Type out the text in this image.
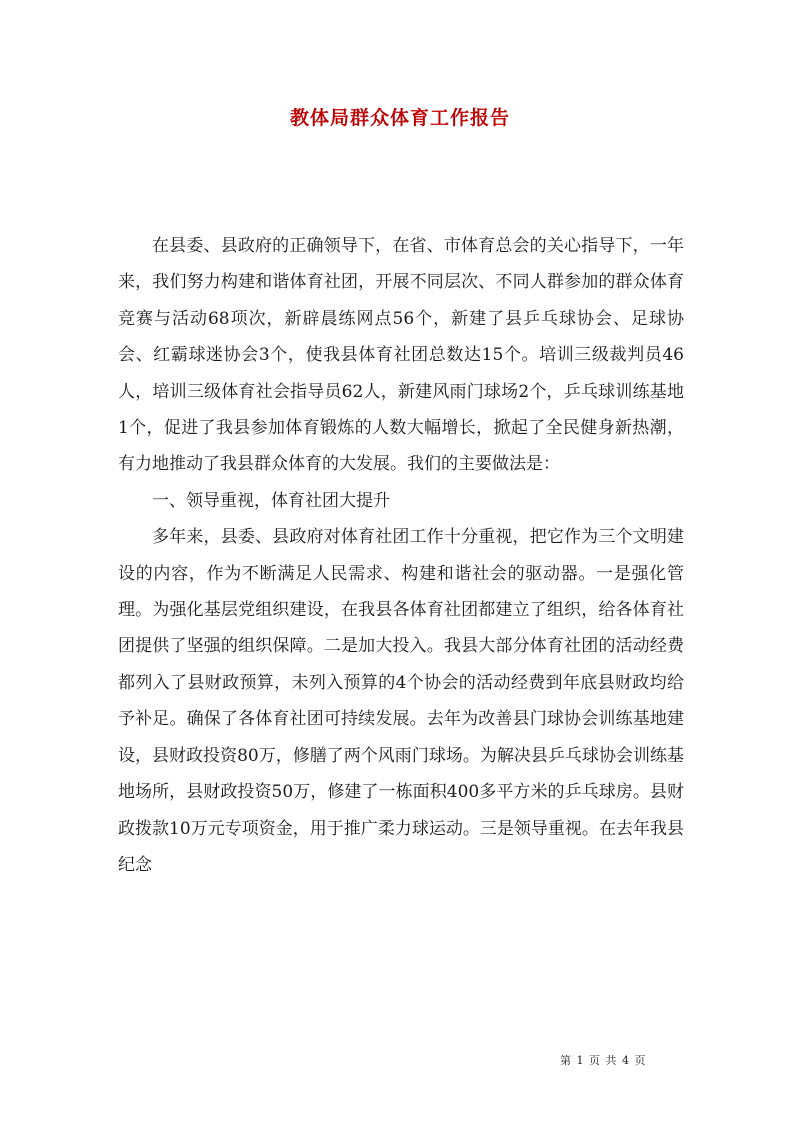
教体局群众体育工作报告

在县委、县政府的正确领导下，在省、市体育总会的关心指导下，一年来，我们努力构建和谐体育社团，开展不同层次、不同人群参加的群众体育竞赛与活动68项次，新辟晨练网点56个，新建了县乒乓球协会、足球协会、红霸球迷协会3个，使我县体育社团总数达15个。培训三级裁判员46人，培训三级体育社会指导员62人，新建风雨门球场2个，乒乓球训练基地1个，促进了我县参加体育锻炼的人数大幅增长，掀起了全民健身新热潮，有力地推动了我县群众体育的大发展。我们的主要做法是：

一、领导重视，体育社团大提升

多年来，县委、县政府对体育社团工作十分重视，把它作为三个文明建设的内容，作为不断满足人民需求、构建和谐社会的驱动器。一是强化管理。为强化基层党组织建设，在我县各体育社团都建立了组织，给各体育社团提供了坚强的组织保障。二是加大投入。我县大部分体育社团的活动经费都列入了县财政预算，未列入预算的4个协会的活动经费到年底县财政均给予补足。确保了各体育社团可持续发展。去年为改善县门球协会训练基地建设，县财政投资80万，修膳了两个风雨门球场。为解决县乒乓球协会训练基地场所，县财政投资50万，修建了一栋面积400多平方米的乒乓球房。县财政拨款10万元专项资金，用于推广柔力球运动。三是领导重视。在去年我县纪念

第 1 页 共 4 页
